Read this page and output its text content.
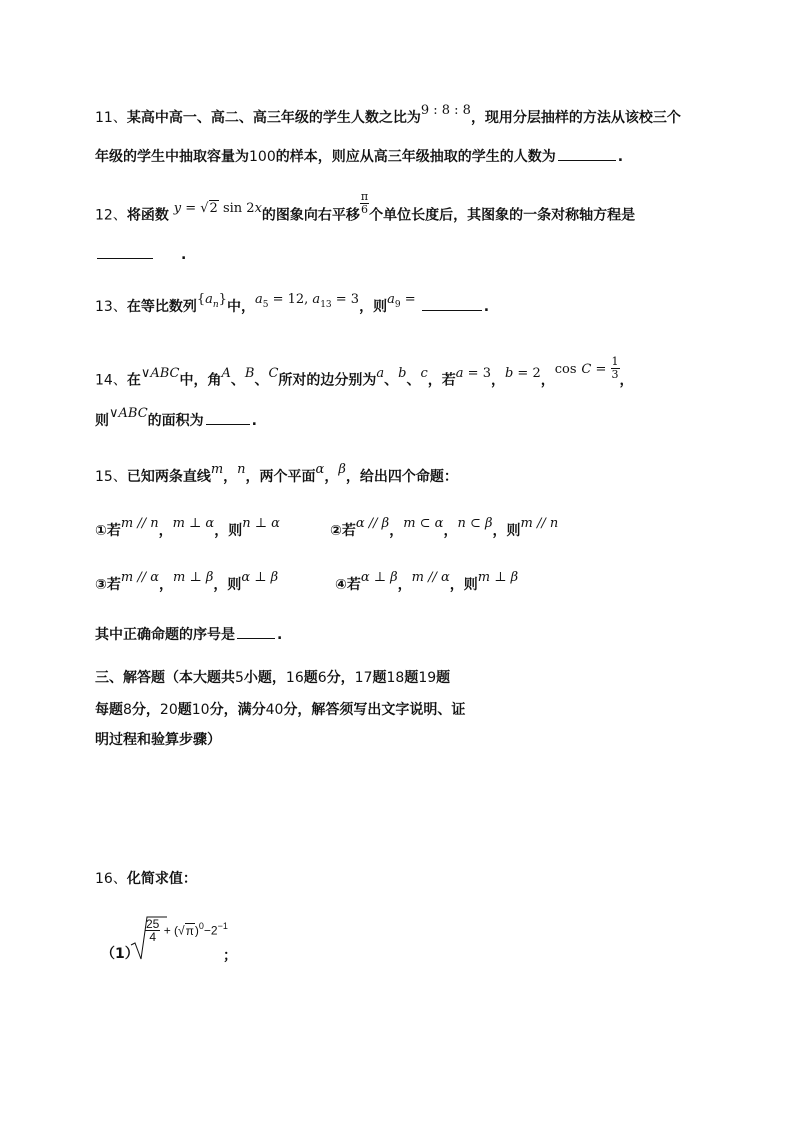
11、某高中高一、高二、高三年级的学生人数之比为9 : 8 : 8，现用分层抽样的方法从该校三个
年级的学生中抽取容量为100的样本，则应从高三年级抽取的学生的人数为	.
12、将函数 y = √2 sin 2x的图象向右平移 $\frac{\pi}{6}$ 个单位长度后，其图象的一条对称轴方程是
.
13、在等比数列$\{a_n\}$中，$a_5 = 12$, $a_{13} = 3$，则$a_9$ =	.
14、在∨ABC中，角A、B、C所对的边分别为a、b、c，若a = 3，b = 2，$\cos C = \frac{1}{3}$ ，
则∨ABC的面积为	.
15、已知两条直线m，n，两个平面α，β，给出四个命题：
①若m // n，m ⊥ α，则n ⊥ α	②若α // β，m ⊂ α，n ⊂ β，则m // n
③若m // α，m ⊥ β，则α ⊥ β	④若α ⊥ β，m // α，则m ⊥ β
其中正确命题的序号是	.
三、解答题（本大题共5小题，16题6分，17题18题19题
每题8分，20题10分，满分40分，解答须写出文字说明、证
明过程和验算步骤）
16、化简求值：
（1）
$\frac{25}{4} + (√\pi)^0-2^{-1}$
；
